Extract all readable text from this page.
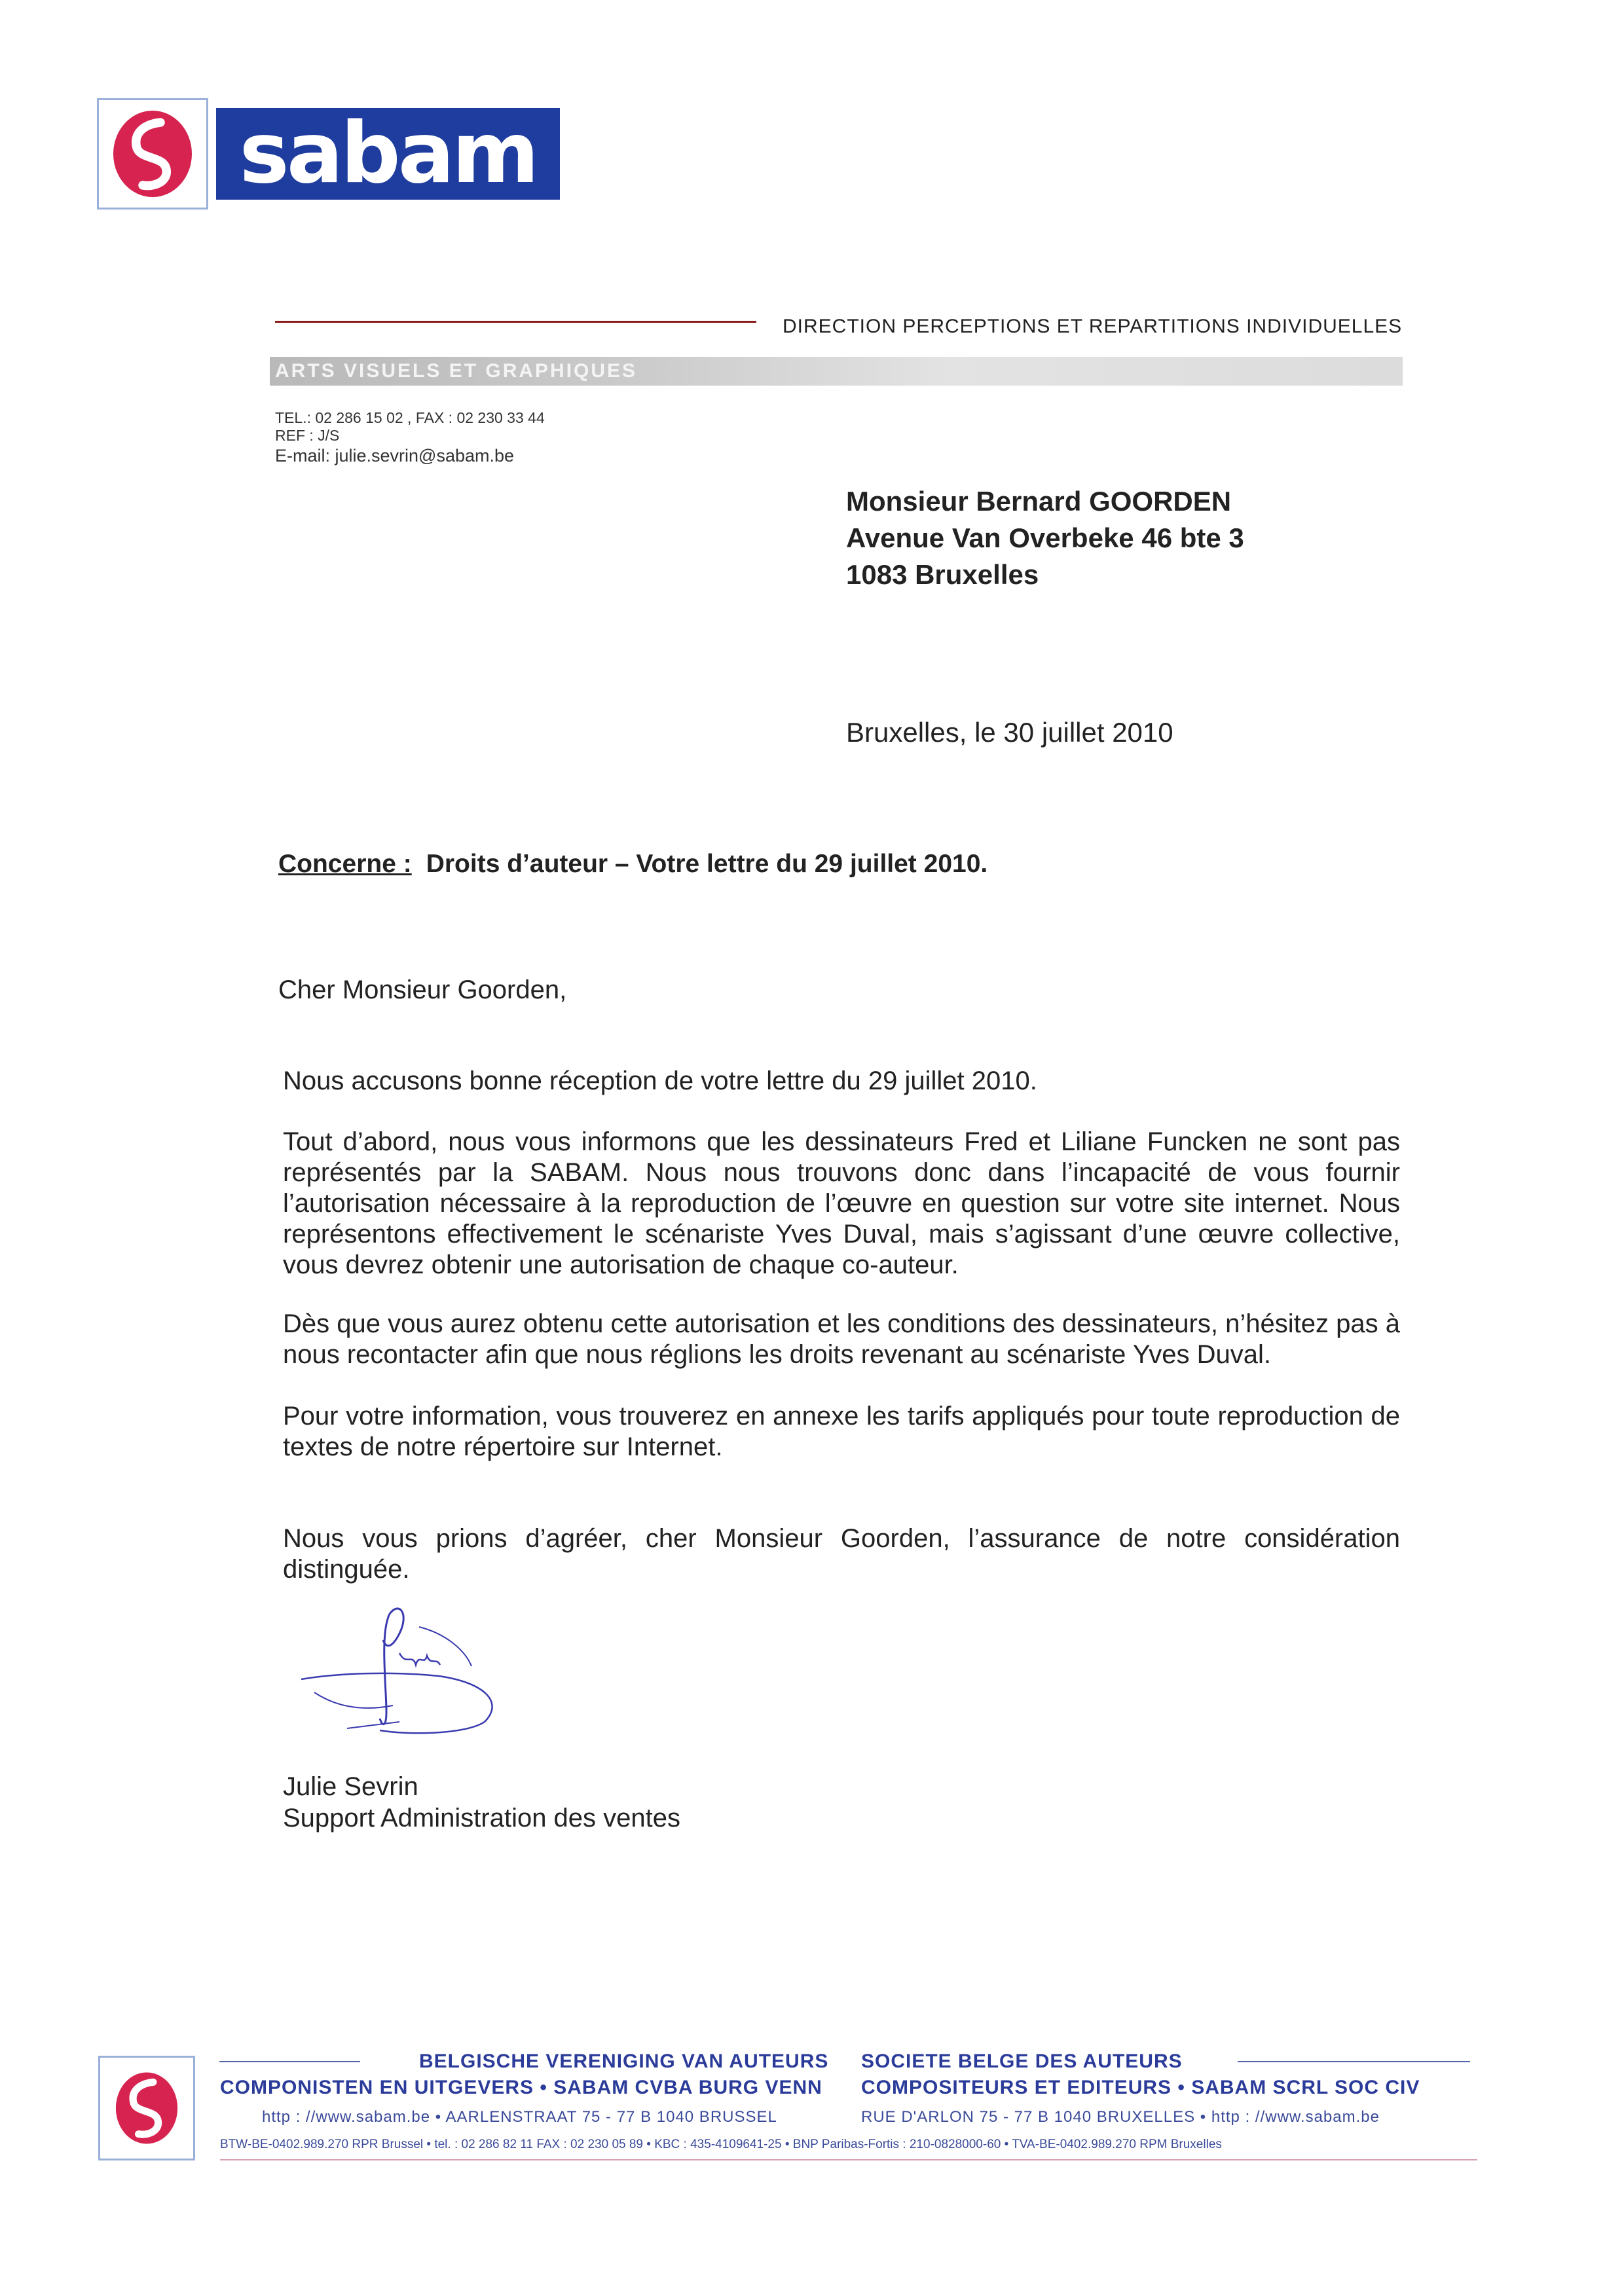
sabam
DIRECTION PERCEPTIONS ET REPARTITIONS INDIVIDUELLES
ARTS VISUELS ET GRAPHIQUES
TEL.: 02 286 15 02 , FAX : 02 230 33 44
REF : J/S
E-mail: julie.sevrin@sabam.be
Monsieur Bernard GOORDEN
Avenue Van Overbeke 46 bte 3
1083 Bruxelles
Bruxelles, le 30 juillet 2010
Concerne : Droits d’auteur – Votre lettre du 29 juillet 2010.
Cher Monsieur Goorden,
Nous accusons bonne réception de votre lettre du 29 juillet 2010.
Tout d’abord, nous vous informons que les dessinateurs Fred et Liliane Funcken ne sont pas représentés par la SABAM. Nous nous trouvons donc dans l’incapacité de vous fournir l’autorisation nécessaire à la reproduction de l’œuvre en question sur votre site internet. Nous représentons effectivement le scénariste Yves Duval, mais s’agissant d’une œuvre collective, vous devrez obtenir une autorisation de chaque co-auteur.
Dès que vous aurez obtenu cette autorisation et les conditions des dessinateurs, n’hésitez pas à nous recontacter afin que nous réglions les droits revenant au scénariste Yves Duval.
Pour votre information, vous trouverez en annexe les tarifs appliqués pour toute reproduction de textes de notre répertoire sur Internet.
Nous vous prions d’agréer, cher Monsieur Goorden, l’assurance de notre considération distinguée.
Julie Sevrin
Support Administration des ventes
BELGISCHE VERENIGING VAN AUTEURS
COMPONISTEN EN UITGEVERS • SABAM CVBA BURG VENN
SOCIETE BELGE DES AUTEURS
COMPOSITEURS ET EDITEURS • SABAM SCRL SOC CIV
http : //www.sabam.be • AARLENSTRAAT 75 - 77 B 1040 BRUSSEL	RUE D'ARLON 75 - 77 B 1040 BRUXELLES • http : //www.sabam.be
BTW-BE-0402.989.270 RPR Brussel • tel. : 02 286 82 11 FAX : 02 230 05 89 • KBC : 435-4109641-25 • BNP Paribas-Fortis : 210-0828000-60 • TVA-BE-0402.989.270 RPM Bruxelles
